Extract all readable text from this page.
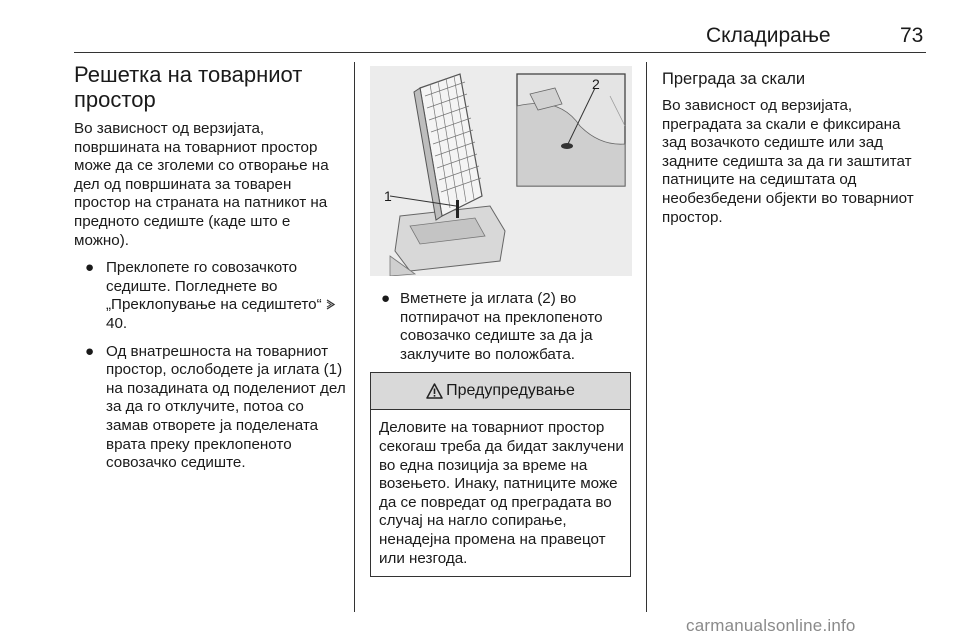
Складирање	73
Решетка на товарниот простор

Во зависност од верзијата, површината на товарниот простор може да се зголеми со отворање на дел од површината за товарен простор на страната на патникот на предното седиште (каде што е можно).

● Преклопете го совозачкото седиште. Погледнете во „Преклопување на седиштето“  40.
● Од внатрешноста на товарниот простор, ослободете ја иглата (1) на позадината од поделениот дел за да го отклучите, потоа со замав отворете ја поделената врата преку преклопеното совозачко седиште.
1
2
● Вметнете ја иглата (2) во потпирачот на преклопеното совозачко седиште за да ја заклучите во положбата.
Предупредување
Деловите на товарниот простор секогаш треба да бидат заклучени во една позиција за време на возењето. Инаку, патниците може да се повредат од преградата во случај на нагло сопирање, ненадејна промена на правецот или незгода.
Преграда за скали

Во зависност од верзијата, преградата за скали е фиксирана зад возачкото седиште или зад задните седишта за да ги заштитат патниците на седиштата од необезбедени објекти во товарниот простор.

carmanualsonline.info
